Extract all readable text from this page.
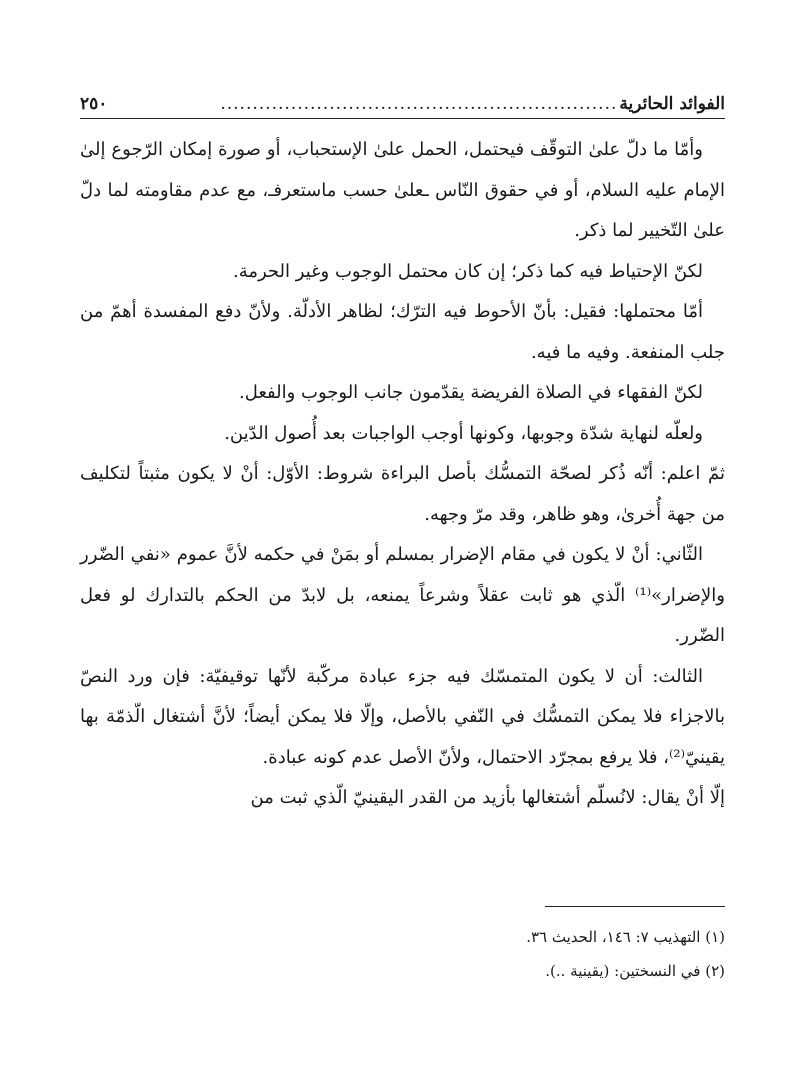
الفوائد الحائرية
..............................................................
٢٥٠

وأمّا ما دلّ علىٰ التوقّف فيحتمل، الحمل علىٰ الإستحباب، أو صورة إمكان الرّجوع إلىٰ الإمام عليه السلام، أو في حقوق النّاس ـعلىٰ حسب ماستعرفـ، مع عدم مقاومته لما دلّ علىٰ التّخيير لما ذكر.

لكنّ الإحتياط فيه كما ذكر؛ إن كان محتمل الوجوب وغير الحرمة.

أمّا محتملها: فقيل: بأنّ الأحوط فيه الترّك؛ لظاهر الأدلّة. ولأنّ دفع المفسدة أهمّ من جلب المنفعة. وفيه ما فيه.

لكنّ الفقهاء في الصلاة الفريضة يقدّمون جانب الوجوب والفعل.

ولعلّه لنهاية شدّة وجوبها، وكونها أوجب الواجبات بعد أُصول الدّين.

ثمّ اعلم: أنّه ذُكر لصحّة التمسُّك بأصل البراءة شروط: الأوّل: أنْ لا يكون مثبتاً لتكليف من جهة أُخرىٰ، وهو ظاهر، وقد مرّ وجهه.

الثّاني: أنْ لا يكون في مقام الإضرار بمسلم أو بمَنْ في حكمه لأنَّ عموم «نفي الضّرر والإضرار»⁽¹⁾ الّذي هو ثابت عقلاً وشرعاً يمنعه، بل لابدّ من الحكم بالتدارك لو فعل الضّرر.

الثالث: أن لا يكون المتمسّك فيه جزء عبادة مركّبة لأنّها توقيفيّة: فإن ورد النصّ بالاجزاء فلا يمكن التمسُّك في النّفي بالأصل، وإلّا فلا يمكن أيضاً؛ لأنَّ أشتغال الّذمّة بها يقينيّ⁽²⁾، فلا يرفع بمجرّد الاحتمال، ولأنّ الأصل عدم كونه عبادة.

إلّا أنْ يقال: لانُسلّم أشتغالها بأزيد من القدر اليقينيّ الّذي ثبت من

(١) التهذيب ٧: ١٤٦، الحديث ٣٦.

(٢) في النسختين: (يقينية ..).
